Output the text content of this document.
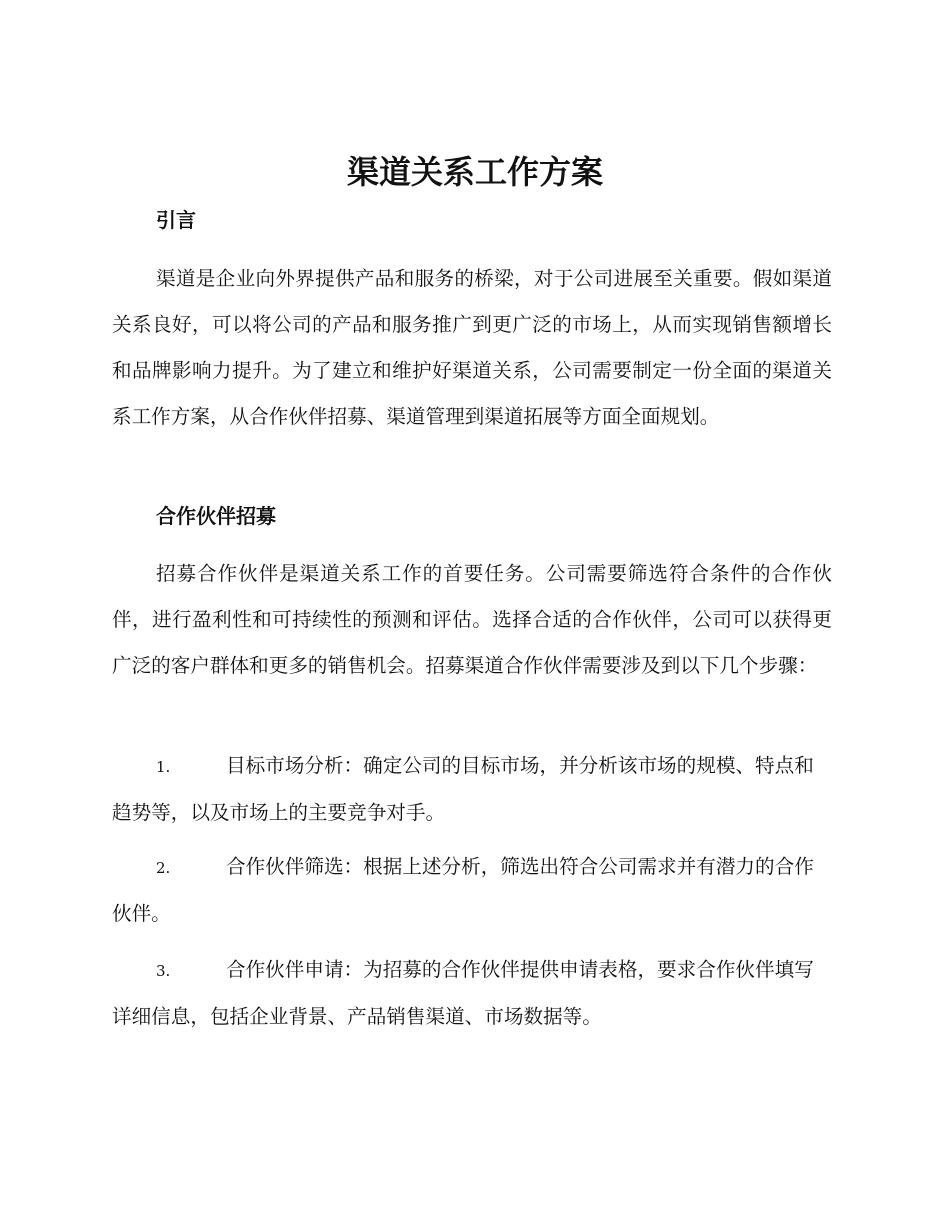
渠道关系工作方案
引言

渠道是企业向外界提供产品和服务的桥梁，对于公司进展至关重要。假如渠道关系良好，可以将公司的产品和服务推广到更广泛的市场上，从而实现销售额增长和品牌影响力提升。为了建立和维护好渠道关系，公司需要制定一份全面的渠道关系工作方案，从合作伙伴招募、渠道管理到渠道拓展等方面全面规划。

合作伙伴招募

招募合作伙伴是渠道关系工作的首要任务。公司需要筛选符合条件的合作伙伴，进行盈利性和可持续性的预测和评估。选择合适的合作伙伴，公司可以获得更广泛的客户群体和更多的销售机会。招募渠道合作伙伴需要涉及到以下几个步骤：

1.	目标市场分析：确定公司的目标市场，并分析该市场的规模、特点和趋势等，以及市场上的主要竞争对手。

2.	合作伙伴筛选：根据上述分析，筛选出符合公司需求并有潜力的合作伙伴。

3.	合作伙伴申请：为招募的合作伙伴提供申请表格，要求合作伙伴填写详细信息，包括企业背景、产品销售渠道、市场数据等。
